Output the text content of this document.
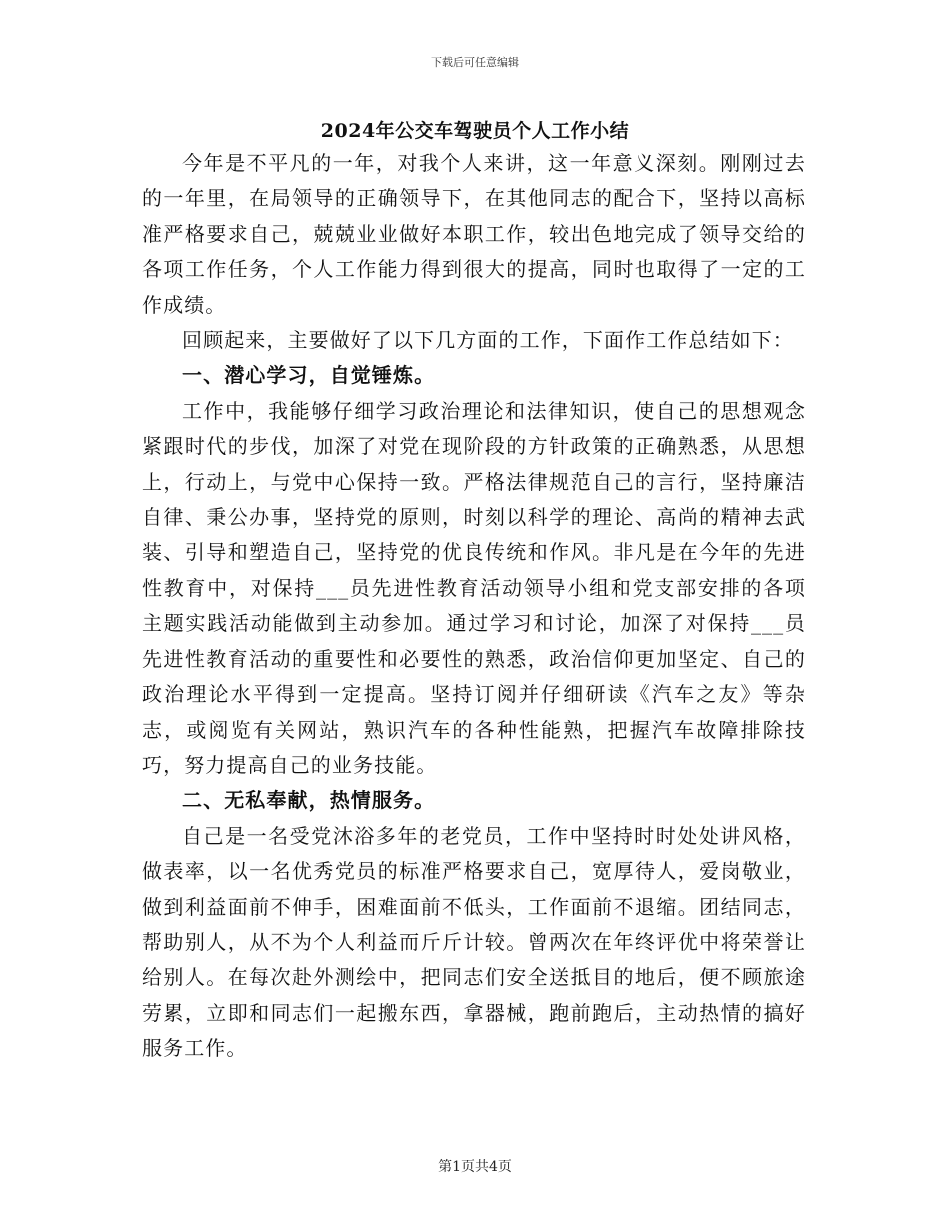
下载后可任意编辑
2024年公交车驾驶员个人工作小结

今年是不平凡的一年，对我个人来讲，这一年意义深刻。刚刚过去的一年里，在局领导的正确领导下，在其他同志的配合下，坚持以高标准严格要求自己，兢兢业业做好本职工作，较出色地完成了领导交给的各项工作任务，个人工作能力得到很大的提高，同时也取得了一定的工作成绩。

回顾起来，主要做好了以下几方面的工作，下面作工作总结如下：

一、潜心学习，自觉锤炼。

工作中，我能够仔细学习政治理论和法律知识，使自己的思想观念紧跟时代的步伐，加深了对党在现阶段的方针政策的正确熟悉，从思想上，行动上，与党中心保持一致。严格法律规范自己的言行，坚持廉洁自律、秉公办事，坚持党的原则，时刻以科学的理论、高尚的精神去武装、引导和塑造自己，坚持党的优良传统和作风。非凡是在今年的先进性教育中，对保持___员先进性教育活动领导小组和党支部安排的各项主题实践活动能做到主动参加。通过学习和讨论，加深了对保持___员先进性教育活动的重要性和必要性的熟悉，政治信仰更加坚定、自己的政治理论水平得到一定提高。坚持订阅并仔细研读《汽车之友》等杂志，或阅览有关网站，熟识汽车的各种性能熟，把握汽车故障排除技巧，努力提高自己的业务技能。

二、无私奉献，热情服务。

自己是一名受党沐浴多年的老党员，工作中坚持时时处处讲风格，做表率，以一名优秀党员的标准严格要求自己，宽厚待人，爱岗敬业，做到利益面前不伸手，困难面前不低头，工作面前不退缩。团结同志，帮助别人，从不为个人利益而斤斤计较。曾两次在年终评优中将荣誉让给别人。在每次赴外测绘中，把同志们安全送抵目的地后，便不顾旅途劳累，立即和同志们一起搬东西，拿器械，跑前跑后，主动热情的搞好服务工作。

第1页共4页
